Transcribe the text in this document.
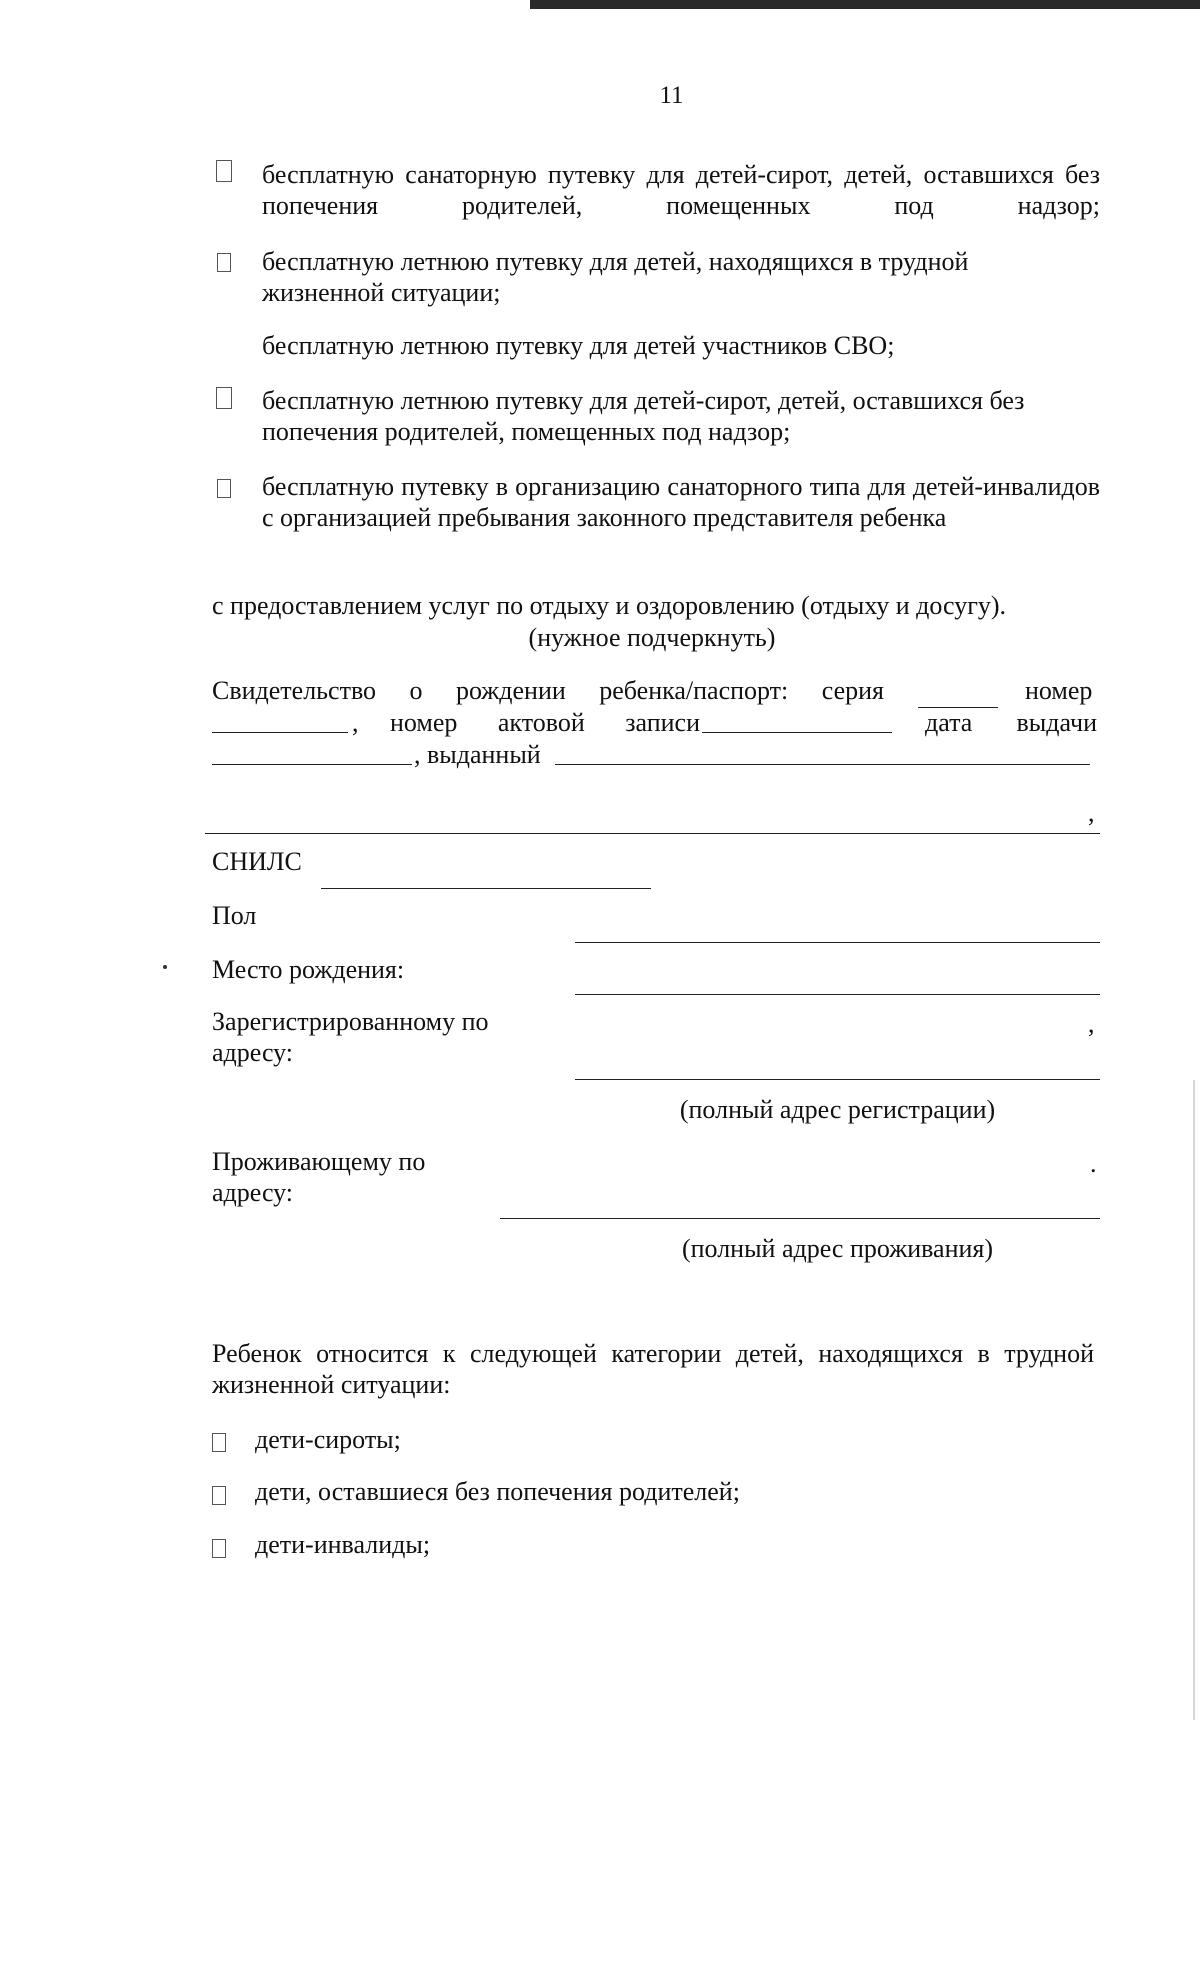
11
бесплатную санаторную путевку для детей-сирот, детей, оставшихся без попечения родителей, помещенных под надзор;
бесплатную летнюю путевку для детей, находящихся в трудной жизненной ситуации;
бесплатную летнюю путевку для детей участников СВО;
бесплатную летнюю путевку для детей-сирот, детей, оставшихся без попечения родителей, помещенных под надзор;
бесплатную путевку в организацию санаторного типа для детей-инвалидов с организацией пребывания законного представителя ребенка
с предоставлением услуг по отдыху и оздоровлению (отдыху и досугу).
(нужное подчеркнуть)
Свидетельство о рождении ребенка/паспорт: серия	номер
, номер актовой записи	дата выдачи
, выданный
,
СНИЛС
Пол
Место рождения:
Зарегистрированному по адресу:
,
(полный адрес регистрации)
Проживающему по адресу:
.
(полный адрес проживания)
Ребенок относится к следующей категории детей, находящихся в трудной жизненной ситуации:
дети-сироты;
дети, оставшиеся без попечения родителей;
дети-инвалиды;
